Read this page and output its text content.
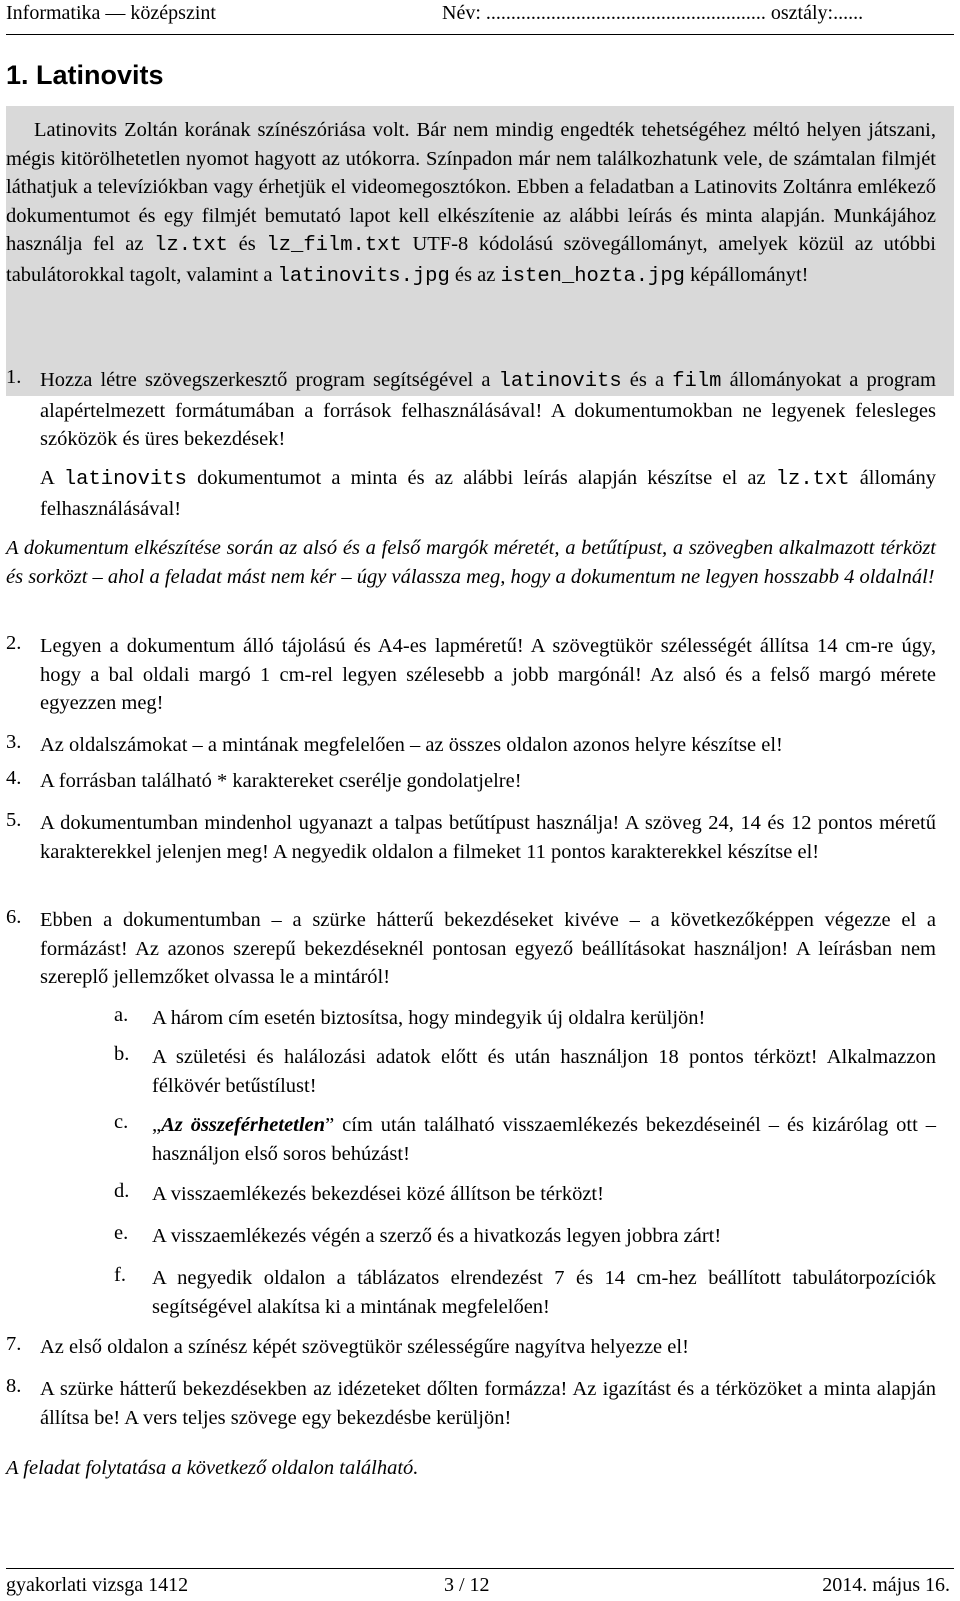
Informatika — középszint	Név: ........................................................ osztály:......
1. Latinovits

Latinovits Zoltán korának színészóriása volt. Bár nem mindig engedték tehetségéhez méltó helyen játszani, mégis kitörölhetetlen nyomot hagyott az utókorra. Színpadon már nem találkozhatunk vele, de számtalan filmjét láthatjuk a televíziókban vagy érhetjük el videomegosztókon. Ebben a feladatban a Latinovits Zoltánra emlékező dokumentumot és egy filmjét bemutató lapot kell elkészítenie az alábbi leírás és minta alapján. Munkájához használja fel az lz.txt és lz_film.txt UTF-8 kódolású szövegállományt, amelyek közül az utóbbi tabulátorokkal tagolt, valamint a latinovits.jpg és az isten_hozta.jpg képállományt!

1. Hozza létre szövegszerkesztő program segítségével a latinovits és a film állományokat a program alapértelmezett formátumában a források felhasználásával! A dokumentumokban ne legyenek felesleges szóközök és üres bekezdések!

A latinovits dokumentumot a minta és az alábbi leírás alapján készítse el az lz.txt állomány felhasználásával!

A dokumentum elkészítése során az alsó és a felső margók méretét, a betűtípust, a szövegben alkalmazott térközt és sorközt – ahol a feladat mást nem kér – úgy válassza meg, hogy a dokumentum ne legyen hosszabb 4 oldalnál!

2. Legyen a dokumentum álló tájolású és A4-es lapméretű! A szövegtükör szélességét állítsa 14 cm-re úgy, hogy a bal oldali margó 1 cm-rel legyen szélesebb a jobb margónál! Az alsó és a felső margó mérete egyezzen meg!
3. Az oldalszámokat – a mintának megfelelően – az összes oldalon azonos helyre készítse el!
4. A forrásban található * karaktereket cserélje gondolatjelre!
5. A dokumentumban mindenhol ugyanazt a talpas betűtípust használja! A szöveg 24, 14 és 12 pontos méretű karakterekkel jelenjen meg! A negyedik oldalon a filmeket 11 pontos karakterekkel készítse el!
6. Ebben a dokumentumban – a szürke hátterű bekezdéseket kivéve – a következőképpen végezze el a formázást! Az azonos szerepű bekezdéseknél pontosan egyező beállításokat használjon! A leírásban nem szereplő jellemzőket olvassa le a mintáról!
a. A három cím esetén biztosítsa, hogy mindegyik új oldalra kerüljön!
b. A születési és halálozási adatok előtt és után használjon 18 pontos térközt! Alkalmazzon félkövér betűstílust!
c. „Az összeférhetetlen” cím után található visszaemlékezés bekezdéseinél – és kizárólag ott – használjon első soros behúzást!
d. A visszaemlékezés bekezdései közé állítson be térközt!
e. A visszaemlékezés végén a szerző és a hivatkozás legyen jobbra zárt!
f. A negyedik oldalon a táblázatos elrendezést 7 és 14 cm-hez beállított tabulátorpozíciók segítségével alakítsa ki a mintának megfelelően!
7. Az első oldalon a színész képét szövegtükör szélességűre nagyítva helyezze el!
8. A szürke hátterű bekezdésekben az idézeteket dőlten formázza! Az igazítást és a térközöket a minta alapján állítsa be! A vers teljes szövege egy bekezdésbe kerüljön!

A feladat folytatása a következő oldalon található.

gyakorlati vizsga 1412	3 / 12	2014. május 16.
